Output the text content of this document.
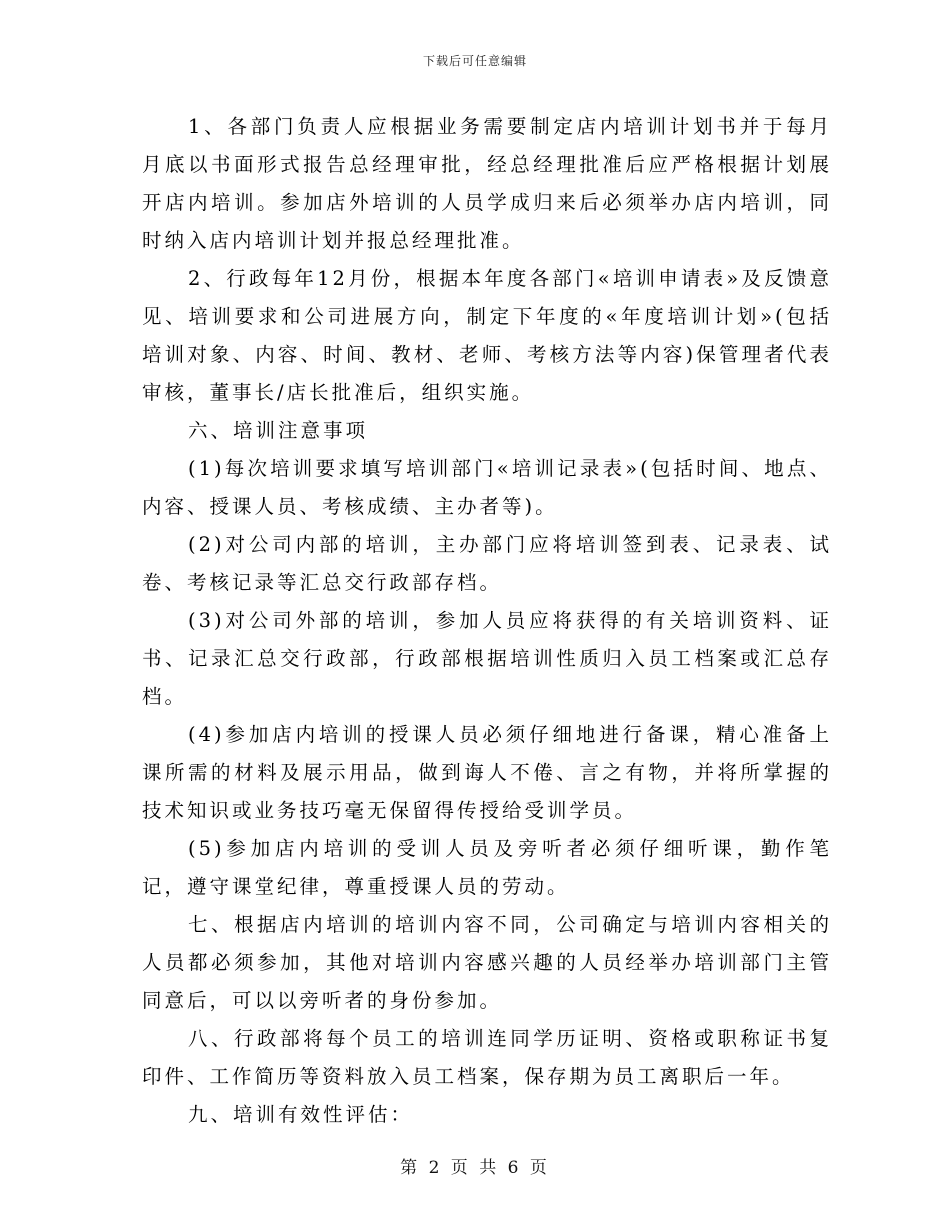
下载后可任意编辑

1、各部门负责人应根据业务需要制定店内培训计划书并于每月月底以书面形式报告总经理审批，经总经理批准后应严格根据计划展开店内培训。参加店外培训的人员学成归来后必须举办店内培训，同时纳入店内培训计划并报总经理批准。

2、行政每年12月份，根据本年度各部门«培训申请表»及反馈意见、培训要求和公司进展方向，制定下年度的«年度培训计划»(包括培训对象、内容、时间、教材、老师、考核方法等内容)保管理者代表审核，董事长/店长批准后，组织实施。

六、培训注意事项

(1)每次培训要求填写培训部门«培训记录表»(包括时间、地点、内容、授课人员、考核成绩、主办者等)。

(2)对公司内部的培训，主办部门应将培训签到表、记录表、试卷、考核记录等汇总交行政部存档。

(3)对公司外部的培训，参加人员应将获得的有关培训资料、证书、记录汇总交行政部，行政部根据培训性质归入员工档案或汇总存档。

(4)参加店内培训的授课人员必须仔细地进行备课，精心准备上课所需的材料及展示用品，做到诲人不倦、言之有物，并将所掌握的技术知识或业务技巧毫无保留得传授给受训学员。

(5)参加店内培训的受训人员及旁听者必须仔细听课，勤作笔记，遵守课堂纪律，尊重授课人员的劳动。

七、根据店内培训的培训内容不同，公司确定与培训内容相关的人员都必须参加，其他对培训内容感兴趣的人员经举办培训部门主管同意后，可以以旁听者的身份参加。

八、行政部将每个员工的培训连同学历证明、资格或职称证书复印件、工作简历等资料放入员工档案，保存期为员工离职后一年。

九、培训有效性评估：

第 2 页 共 6 页
